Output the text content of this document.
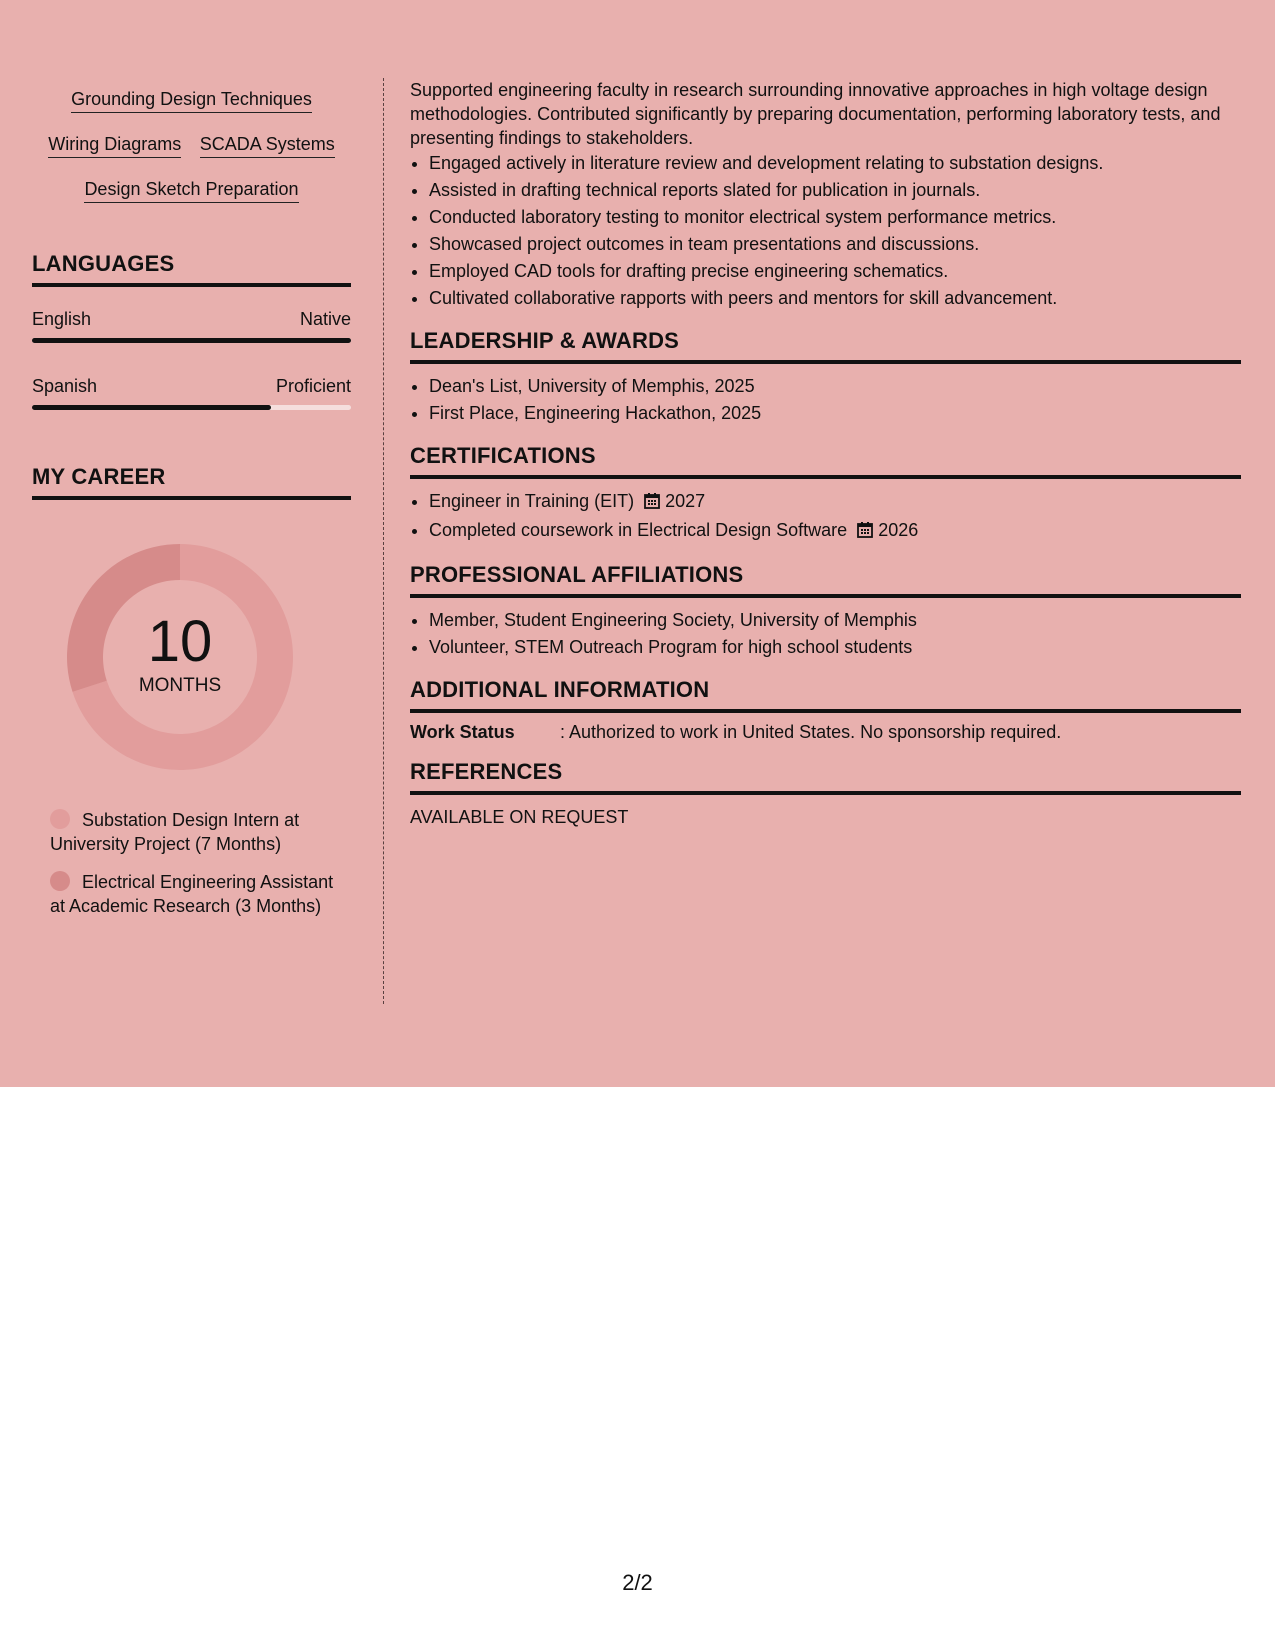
Grounding Design Techniques
Wiring Diagrams SCADA Systems
Design Sketch Preparation
LANGUAGES
English	Native
Spanish	Proficient
MY CAREER
10
MONTHS
Substation Design Intern at University Project (7 Months)
Electrical Engineering Assistant at Academic Research (3 Months)

Supported engineering faculty in research surrounding innovative approaches in high voltage design methodologies. Contributed significantly by preparing documentation, performing laboratory tests, and presenting findings to stakeholders.

• Engaged actively in literature review and development relating to substation designs.
• Assisted in drafting technical reports slated for publication in journals.
• Conducted laboratory testing to monitor electrical system performance metrics.
• Showcased project outcomes in team presentations and discussions.
• Employed CAD tools for drafting precise engineering schematics.
• Cultivated collaborative rapports with peers and mentors for skill advancement.
LEADERSHIP & AWARDS
• Dean's List, University of Memphis, 2025
• First Place, Engineering Hackathon, 2025
CERTIFICATIONS
• Engineer in Training (EIT) 2027
• Completed coursework in Electrical Design Software 2026
PROFESSIONAL AFFILIATIONS
• Member, Student Engineering Society, University of Memphis
• Volunteer, STEM Outreach Program for high school students
ADDITIONAL INFORMATION
Work Status	: Authorized to work in United States. No sponsorship required.
REFERENCES
AVAILABLE ON REQUEST
2/2
